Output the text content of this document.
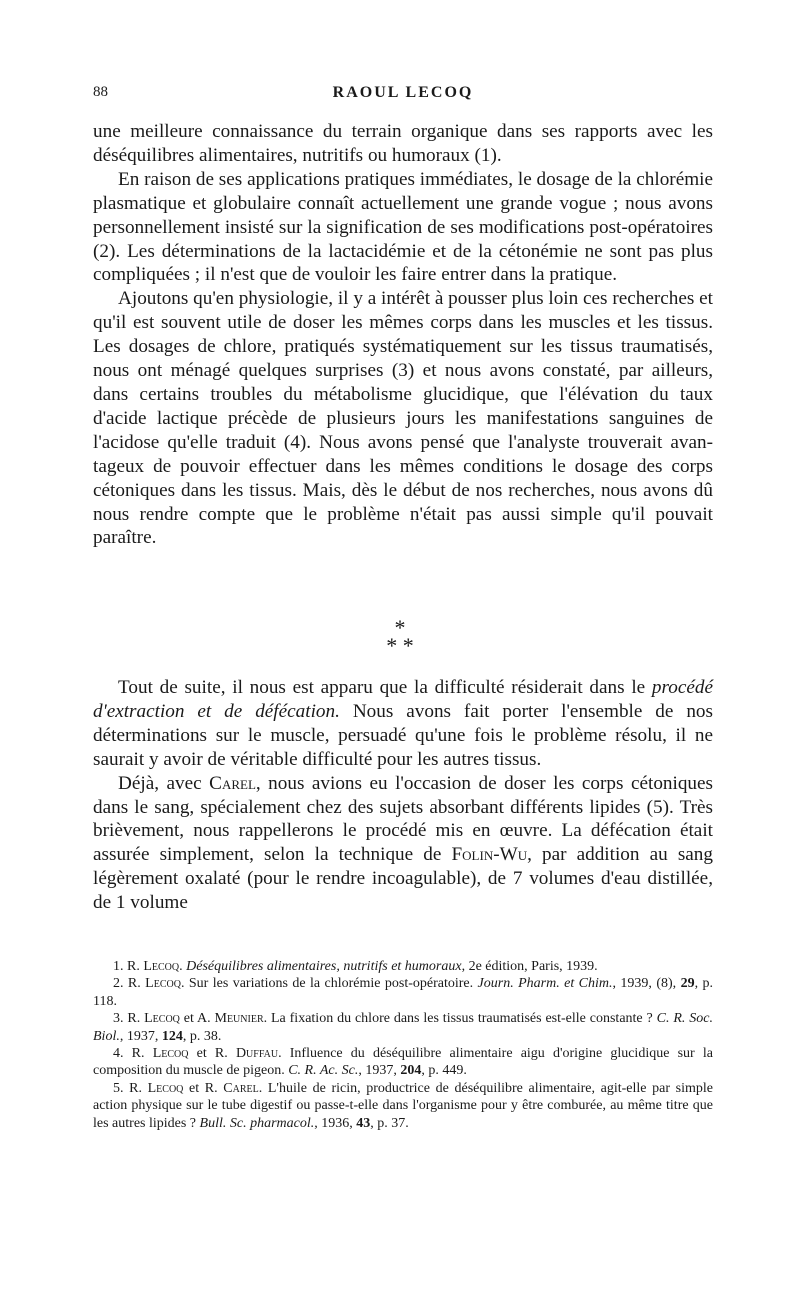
88	RAOUL LECOQ

une meilleure connaissance du terrain organique dans ses rapports avec les déséquilibres alimentaires, nutritifs ou humoraux (1).

En raison de ses applications pratiques immédiates, le dosage de la chlorémie plasmatique et globulaire connaît actuellement une grande vogue ; nous avons personnellement insisté sur la signification de ses modifications post-opératoires (2). Les déterminations de la lactacidémie et de la cétonémie ne sont pas plus compliquées ; il n'est que de vouloir les faire entrer dans la pratique.

Ajoutons qu'en physiologie, il y a intérêt à pousser plus loin ces recherches et qu'il est souvent utile de doser les mêmes corps dans les muscles et les tissus. Les dosages de chlore, pratiqués systématiquement sur les tissus traumatisés, nous ont ménagé quelques surprises (3) et nous avons constaté, par ailleurs, dans certains troubles du métabolisme glucidique, que l'élévation du taux d'acide lactique précède de plusieurs jours les manifestations sanguines de l'acidose qu'elle traduit (4). Nous avons pensé que l'analyste trouverait avantageux de pouvoir effectuer dans les mêmes conditions le dosage des corps cétoniques dans les tissus. Mais, dès le début de nos recherches, nous avons dû nous rendre compte que le problème n'était pas aussi simple qu'il pouvait paraître.

*
* *

Tout de suite, il nous est apparu que la difficulté résiderait dans le procédé d'extraction et de défécation. Nous avons fait porter l'ensemble de nos déterminations sur le muscle, persuadé qu'une fois le problème résolu, il ne saurait y avoir de véritable difficulté pour les autres tissus.

Déjà, avec Carel, nous avions eu l'occasion de doser les corps cétoniques dans le sang, spécialement chez des sujets absorbant différents lipides (5). Très brièvement, nous rappellerons le procédé mis en œuvre. La défécation était assurée simplement, selon la technique de Folin-Wu, par addition au sang légèrement oxalaté (pour le rendre incoagulable), de 7 volumes d'eau distillée, de 1 volume

1. R. Lecoq. Déséquilibres alimentaires, nutritifs et humoraux, 2e édition, Paris, 1939.

2. R. Lecoq. Sur les variations de la chlorémie post-opératoire. Journ. Pharm. et Chim., 1939, (8), 29, p. 118.

3. R. Lecoq et A. Meunier. La fixation du chlore dans les tissus traumatisés est-elle constante ? C. R. Soc. Biol., 1937, 124, p. 38.

4. R. Lecoq et R. Duffau. Influence du déséquilibre alimentaire aigu d'origine glucidique sur la composition du muscle de pigeon. C. R. Ac. Sc., 1937, 204, p. 449.

5. R. Lecoq et R. Carel. L'huile de ricin, productrice de déséquilibre alimentaire, agit-elle par simple action physique sur le tube digestif ou passe-t-elle dans l'organisme pour y être comburée, au même titre que les autres lipides ? Bull. Sc. pharmacol., 1936, 43, p. 37.
